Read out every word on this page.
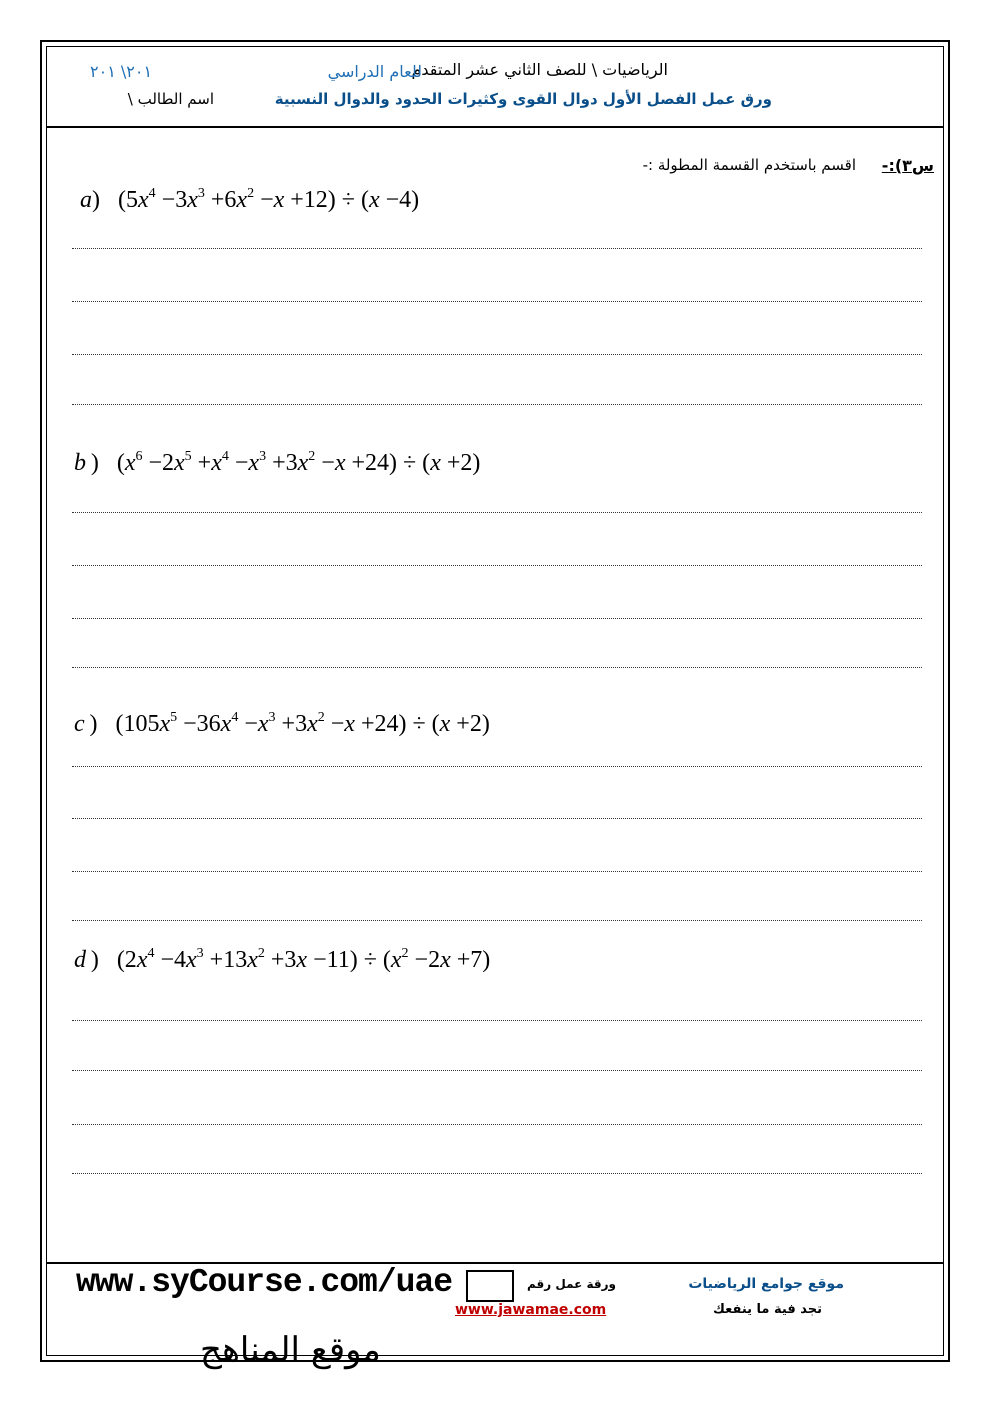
الرياضيات \ للصف الثاني عشر المتقدم
للعام الدراسي
٢٠١\ ٢٠١
ورق عمل الفصل الأول دوال القوى وكثيرات الحدود والدوال النسبية
اسم الطالب \
س٣):-
اقسم باستخدم القسمة المطولة :-
a)   $(5x^4 -3x^3 +6x^2 -x +12) \div (x -4)$
b  )   $(x^6 -2x^5 +x^4 -x^3 +3x^2 -x +24) \div (x +2)$
c  )   $(105x^5 -36x^4 -x^3 +3x^2 -x +24) \div (x +2)$
d  )   $(2x^4 -4x^3 +13x^2 +3x -11) \div (x^2 -2x +7)$
www.syCourse.com/uae	ورقة عمل رقم
www.jawamae.com
موقع جوامع الرياضيات
تجد فية ما ينفعك
موقع المناهج
